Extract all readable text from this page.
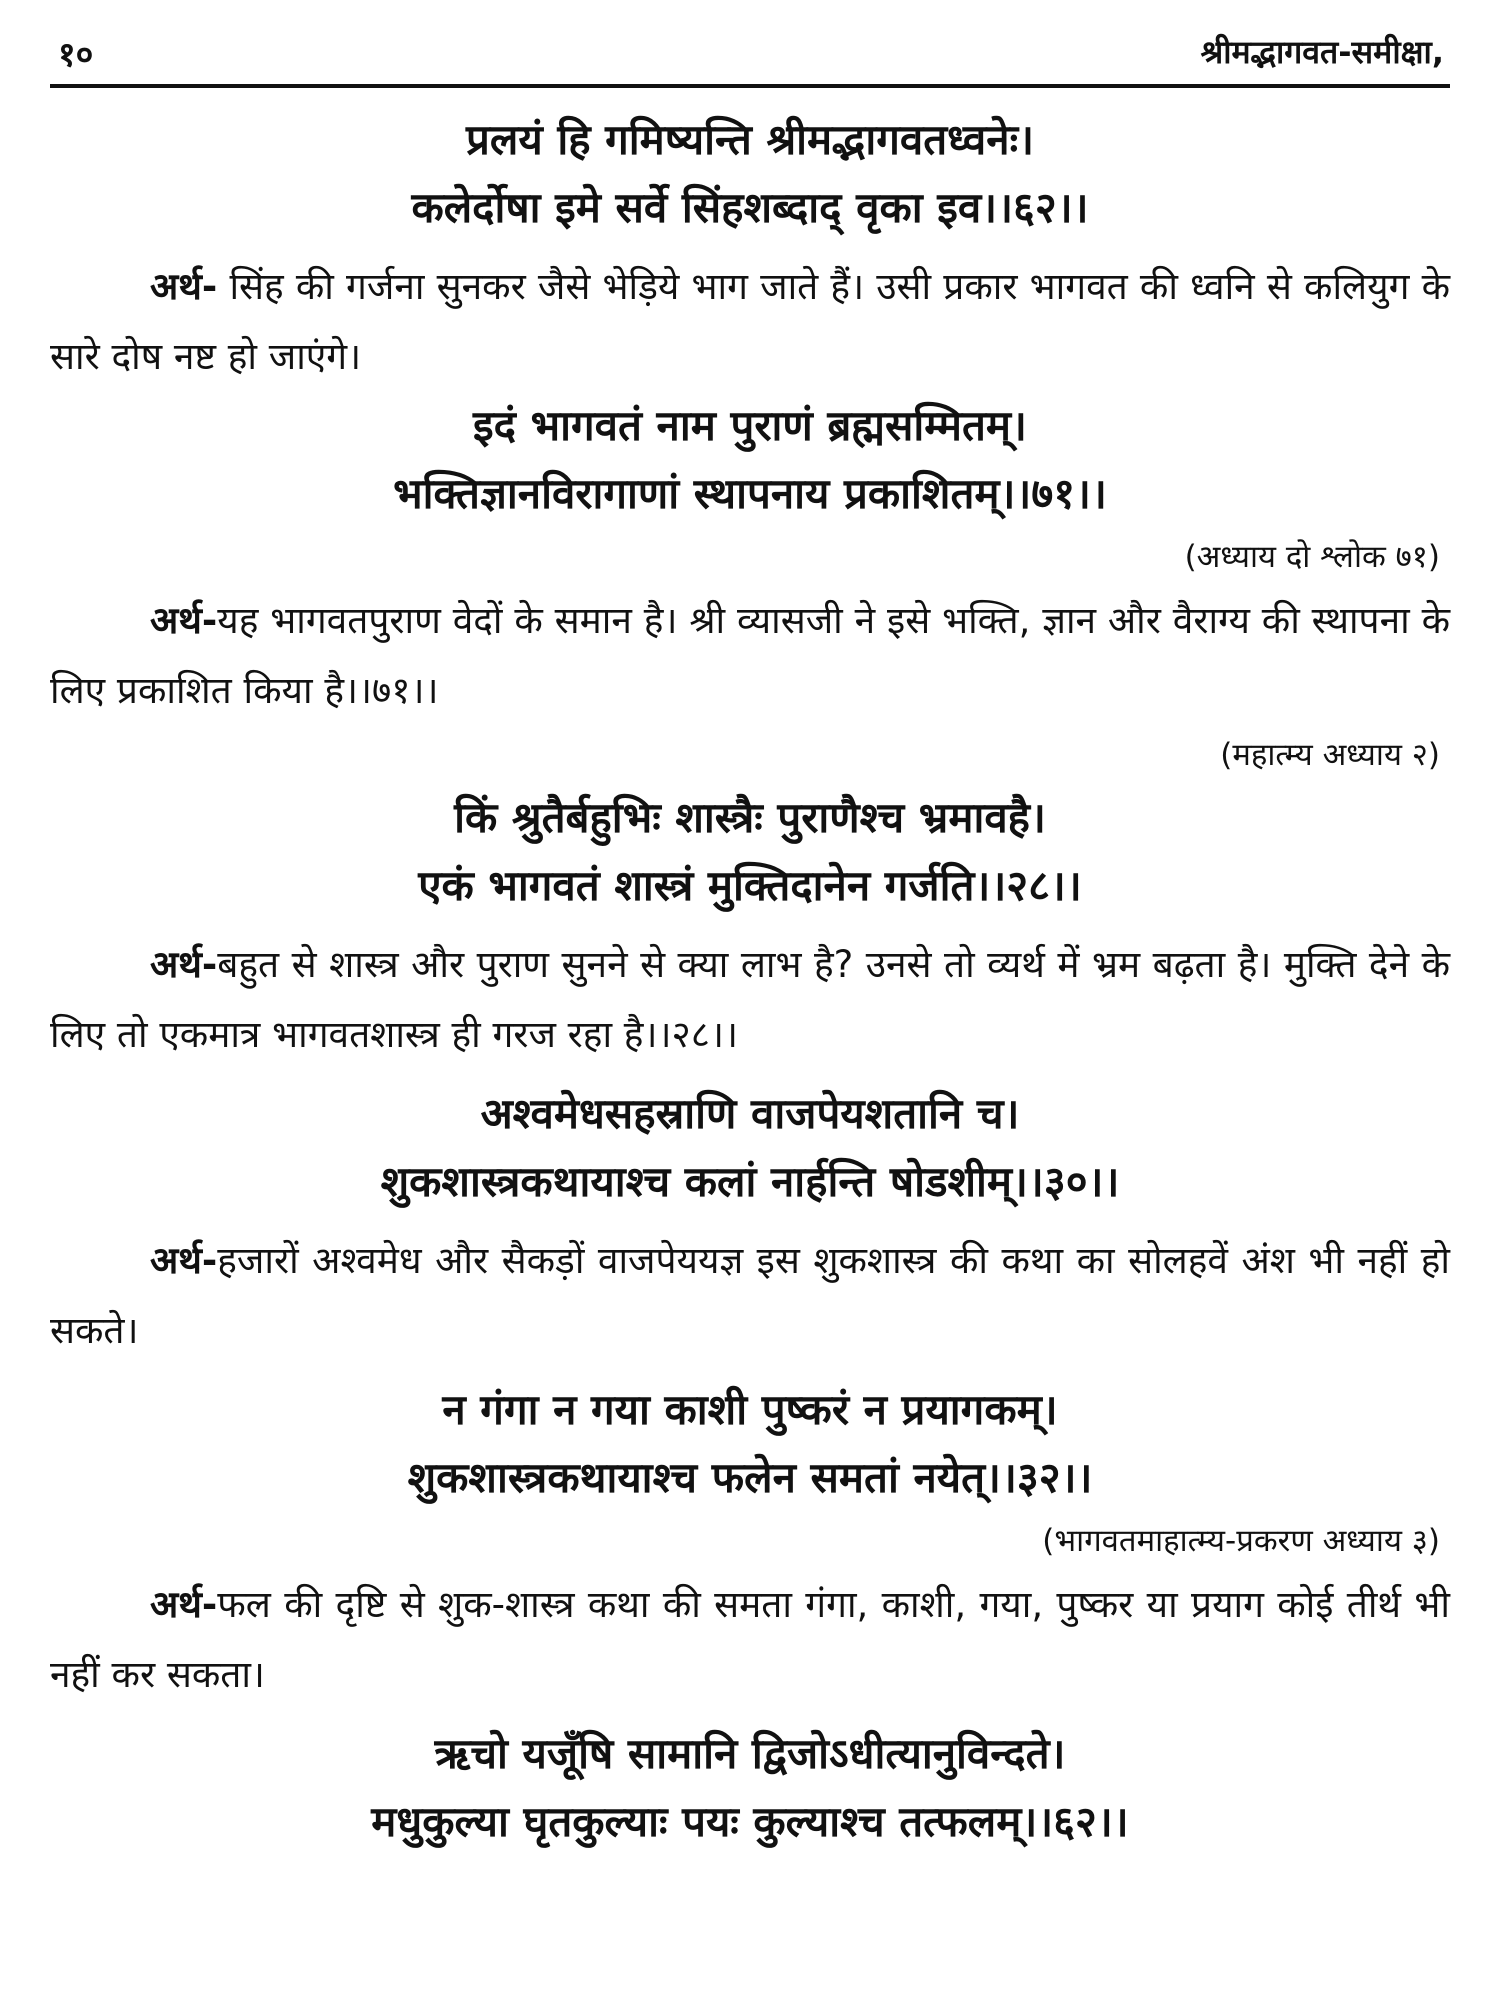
१०	श्रीमद्भागवत-समीक्षा,
प्रलयं हि गमिष्यन्ति श्रीमद्भागवतध्वनेः।
कलेर्दोषा इमे सर्वे सिंहशब्दाद् वृका इव।।६२।।

अर्थ- सिंह की गर्जना सुनकर जैसे भेड़िये भाग जाते हैं। उसी प्रकार भागवत की ध्वनि से कलियुग के सारे दोष नष्ट हो जाएंगे।

इदं भागवतं नाम पुराणं ब्रह्मसम्मितम्।
भक्तिज्ञानविरागाणां स्थापनाय प्रकाशितम्।।७१।।
(अध्याय दो श्लोक ७१)

अर्थ-यह भागवतपुराण वेदों के समान है। श्री व्यासजी ने इसे भक्ति, ज्ञान और वैराग्य की स्थापना के लिए प्रकाशित किया है।।७१।।

(महात्म्य अध्याय २)
किं श्रुतैर्बहुभिः शास्त्रैः पुराणैश्च भ्रमावहै।
एकं भागवतं शास्त्रं मुक्तिदानेन गर्जति।।२८।।

अर्थ-बहुत से शास्त्र और पुराण सुनने से क्या लाभ है? उनसे तो व्यर्थ में भ्रम बढ़ता है। मुक्ति देने के लिए तो एकमात्र भागवतशास्त्र ही गरज रहा है।।२८।।

अश्वमेधसहस्राणि वाजपेयशतानि च।
शुकशास्त्रकथायाश्च कलां नार्हन्ति षोडशीम्।।३०।।

अर्थ-हजारों अश्वमेध और सैकड़ों वाजपेययज्ञ इस शुकशास्त्र की कथा का सोलहवें अंश भी नहीं हो सकते।

न गंगा न गया काशी पुष्करं न प्रयागकम्।
शुकशास्त्रकथायाश्च फलेन समतां नयेत्।।३२।।
(भागवतमाहात्म्य-प्रकरण अध्याय ३)

अर्थ-फल की दृष्टि से शुक-शास्त्र कथा की समता गंगा, काशी, गया, पुष्कर या प्रयाग कोई तीर्थ भी नहीं कर सकता।

ऋचो यजूँषि सामानि द्विजोऽधीत्यानुविन्दते।
मधुकुल्या घृतकुल्याः पयः कुल्याश्च तत्फलम्।।६२।।
